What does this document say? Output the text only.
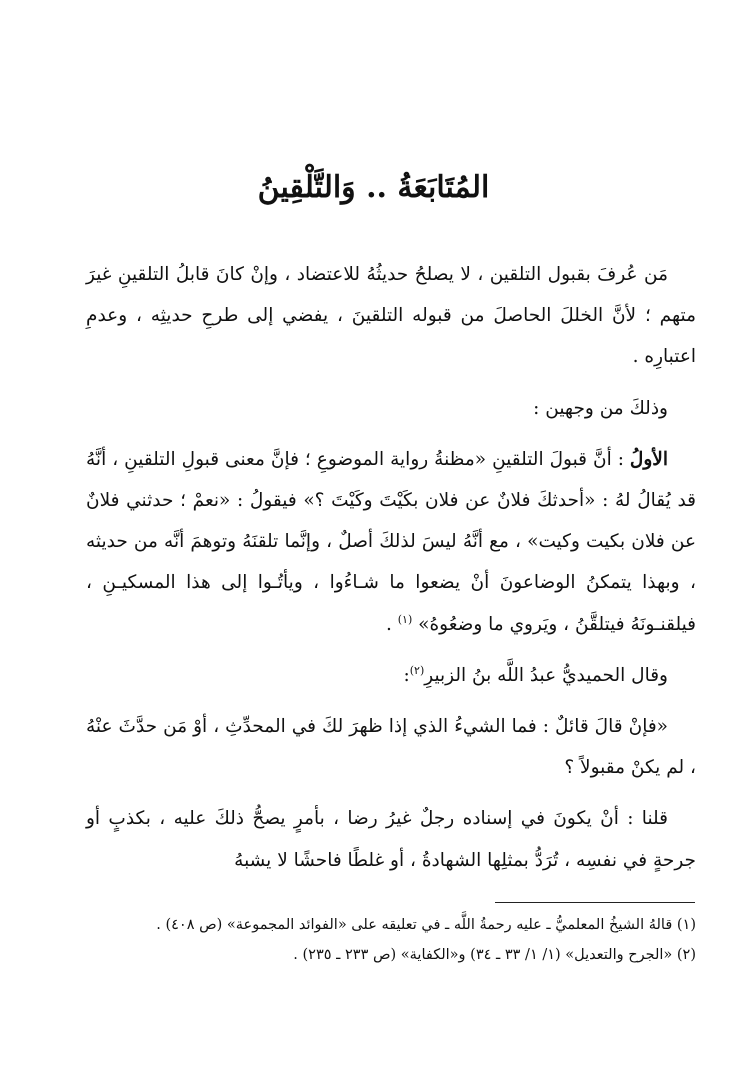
المُتَابَعَةُ .. وَالتَّلْقِينُ

مَن عُرفَ بقبول التلقين ، لا يصلحُ حديثُهُ للاعتضاد ، وإنْ كانَ قابلُ التلقينِ غيرَ متهم ؛ لأنَّ الخللَ الحاصلَ من قبوله التلقينَ ، يفضي إلى طرحِ حديثِه ، وعدمِ اعتبارِه .

وذلكَ من وجهين :

الأولُ : أنَّ قبولَ التلقينِ «مظنةُ رواية الموضوعِ ؛ فإنَّ معنى قبولِ التلقينِ ، أنَّهُ قد يُقالُ لهُ : «أحدثكَ فلانٌ عن فلان بكَيْتَ وكَيْتَ ؟» فيقولُ : «نعمْ ؛ حدثني فلانٌ عن فلان بكيت وكيت» ، مع أنَّهُ ليسَ لذلكَ أصلٌ ، وإنَّما تلقنَهُ وتوهمَ أنَّه من حديثه ، وبهذا يتمكنُ الوضاعونَ أنْ يضعوا ما شـاءُوا ، ويأتُـوا إلى هذا المسكيـنِ ، فيلقنـونَهُ فيتلقَّنُ ، ويَروي ما وضعُوهُ» $^{(١)}$ .

وقال الحميديُّ عبدُ اللَّه بنُ الزبيرِ$^{(٢)}$:

«فإنْ قالَ قائلٌ : فما الشيءُ الذي إذا ظهرَ لكَ في المحدِّثِ ، أوْ مَن حدَّثَ عنْهُ ، لم يكنْ مقبولاً ؟

قلنا : أنْ يكونَ في إسناده رجلٌ غيرُ رضا ، بأمرٍ يصحُّ ذلكَ عليه ، بكذبٍ أو جرحةٍ في نفسِه ، تُرَدُّ بمثلِها الشهادةُ ، أو غلطًا فاحشًا لا يشبهُ

(١) قالهُ الشيخُ المعلميُّ ـ عليه رحمةُ اللَّه ـ في تعليقه على «الفوائد المجموعة» (ص ٤٠٨) .
(٢) «الجرح والتعديل» (١/ ١/ ٣٣ ـ ٣٤) و«الكفاية» (ص ٢٣٣ ـ ٢٣٥) .
